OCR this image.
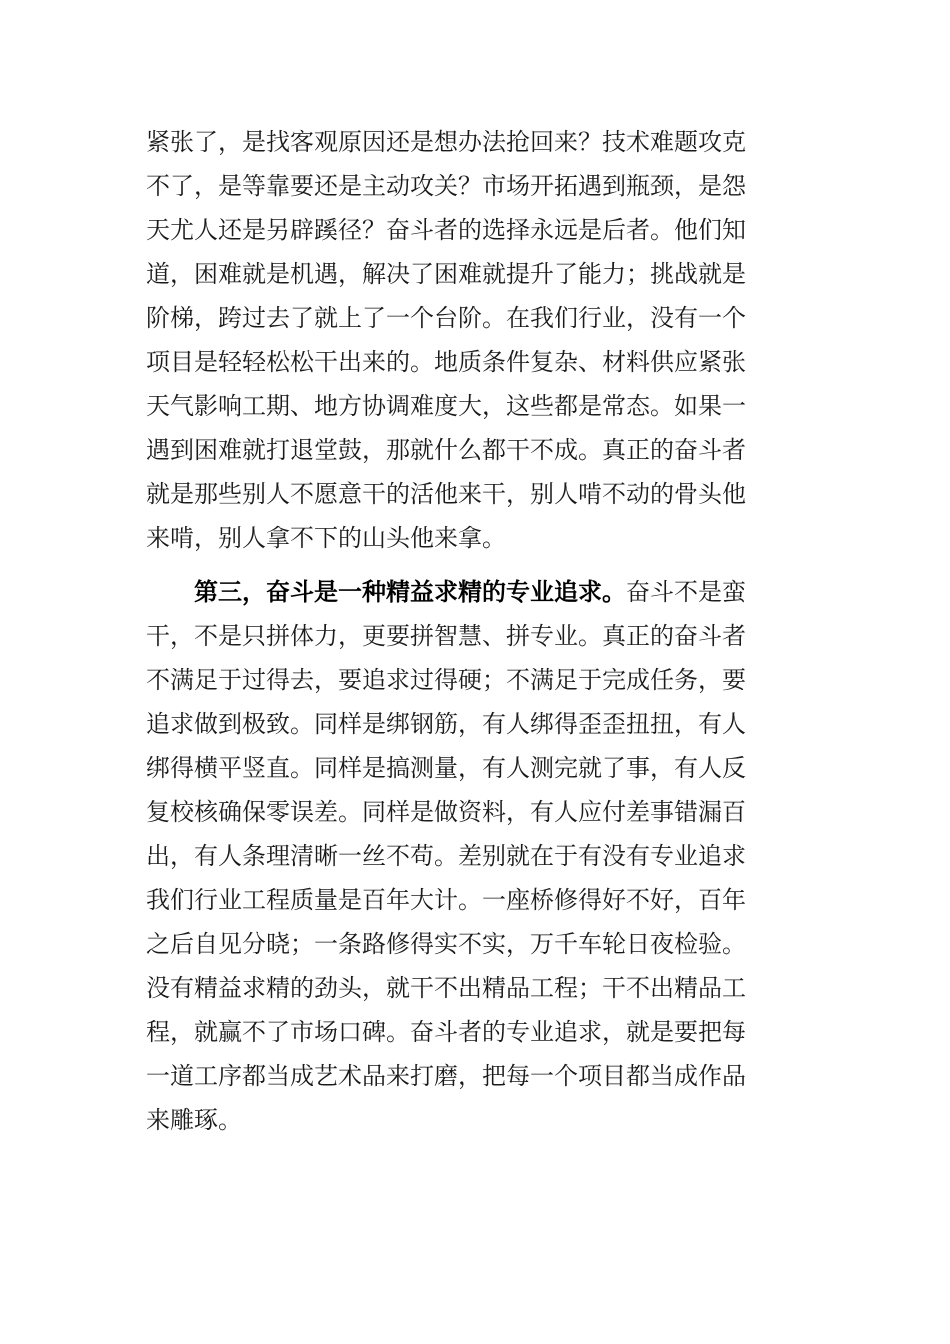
紧张了，是找客观原因还是想办法抢回来？技术难题攻克
不了，是等靠要还是主动攻关？市场开拓遇到瓶颈，是怨
天尤人还是另辟蹊径？奋斗者的选择永远是后者。他们知
道，困难就是机遇，解决了困难就提升了能力；挑战就是
阶梯，跨过去了就上了一个台阶。在我们行业，没有一个
项目是轻轻松松干出来的。地质条件复杂、材料供应紧张
天气影响工期、地方协调难度大，这些都是常态。如果一
遇到困难就打退堂鼓，那就什么都干不成。真正的奋斗者
就是那些别人不愿意干的活他来干，别人啃不动的骨头他
来啃，别人拿不下的山头他来拿。
  第三，奋斗是一种精益求精的专业追求。奋斗不是蛮
干，不是只拼体力，更要拼智慧、拼专业。真正的奋斗者
不满足于过得去，要追求过得硬；不满足于完成任务，要
追求做到极致。同样是绑钢筋，有人绑得歪歪扭扭，有人
绑得横平竖直。同样是搞测量，有人测完就了事，有人反
复校核确保零误差。同样是做资料，有人应付差事错漏百
出，有人条理清晰一丝不苟。差别就在于有没有专业追求
我们行业工程质量是百年大计。一座桥修得好不好，百年
之后自见分晓；一条路修得实不实，万千车轮日夜检验。
没有精益求精的劲头，就干不出精品工程；干不出精品工
程，就赢不了市场口碑。奋斗者的专业追求，就是要把每
一道工序都当成艺术品来打磨，把每一个项目都当成作品
来雕琢。
